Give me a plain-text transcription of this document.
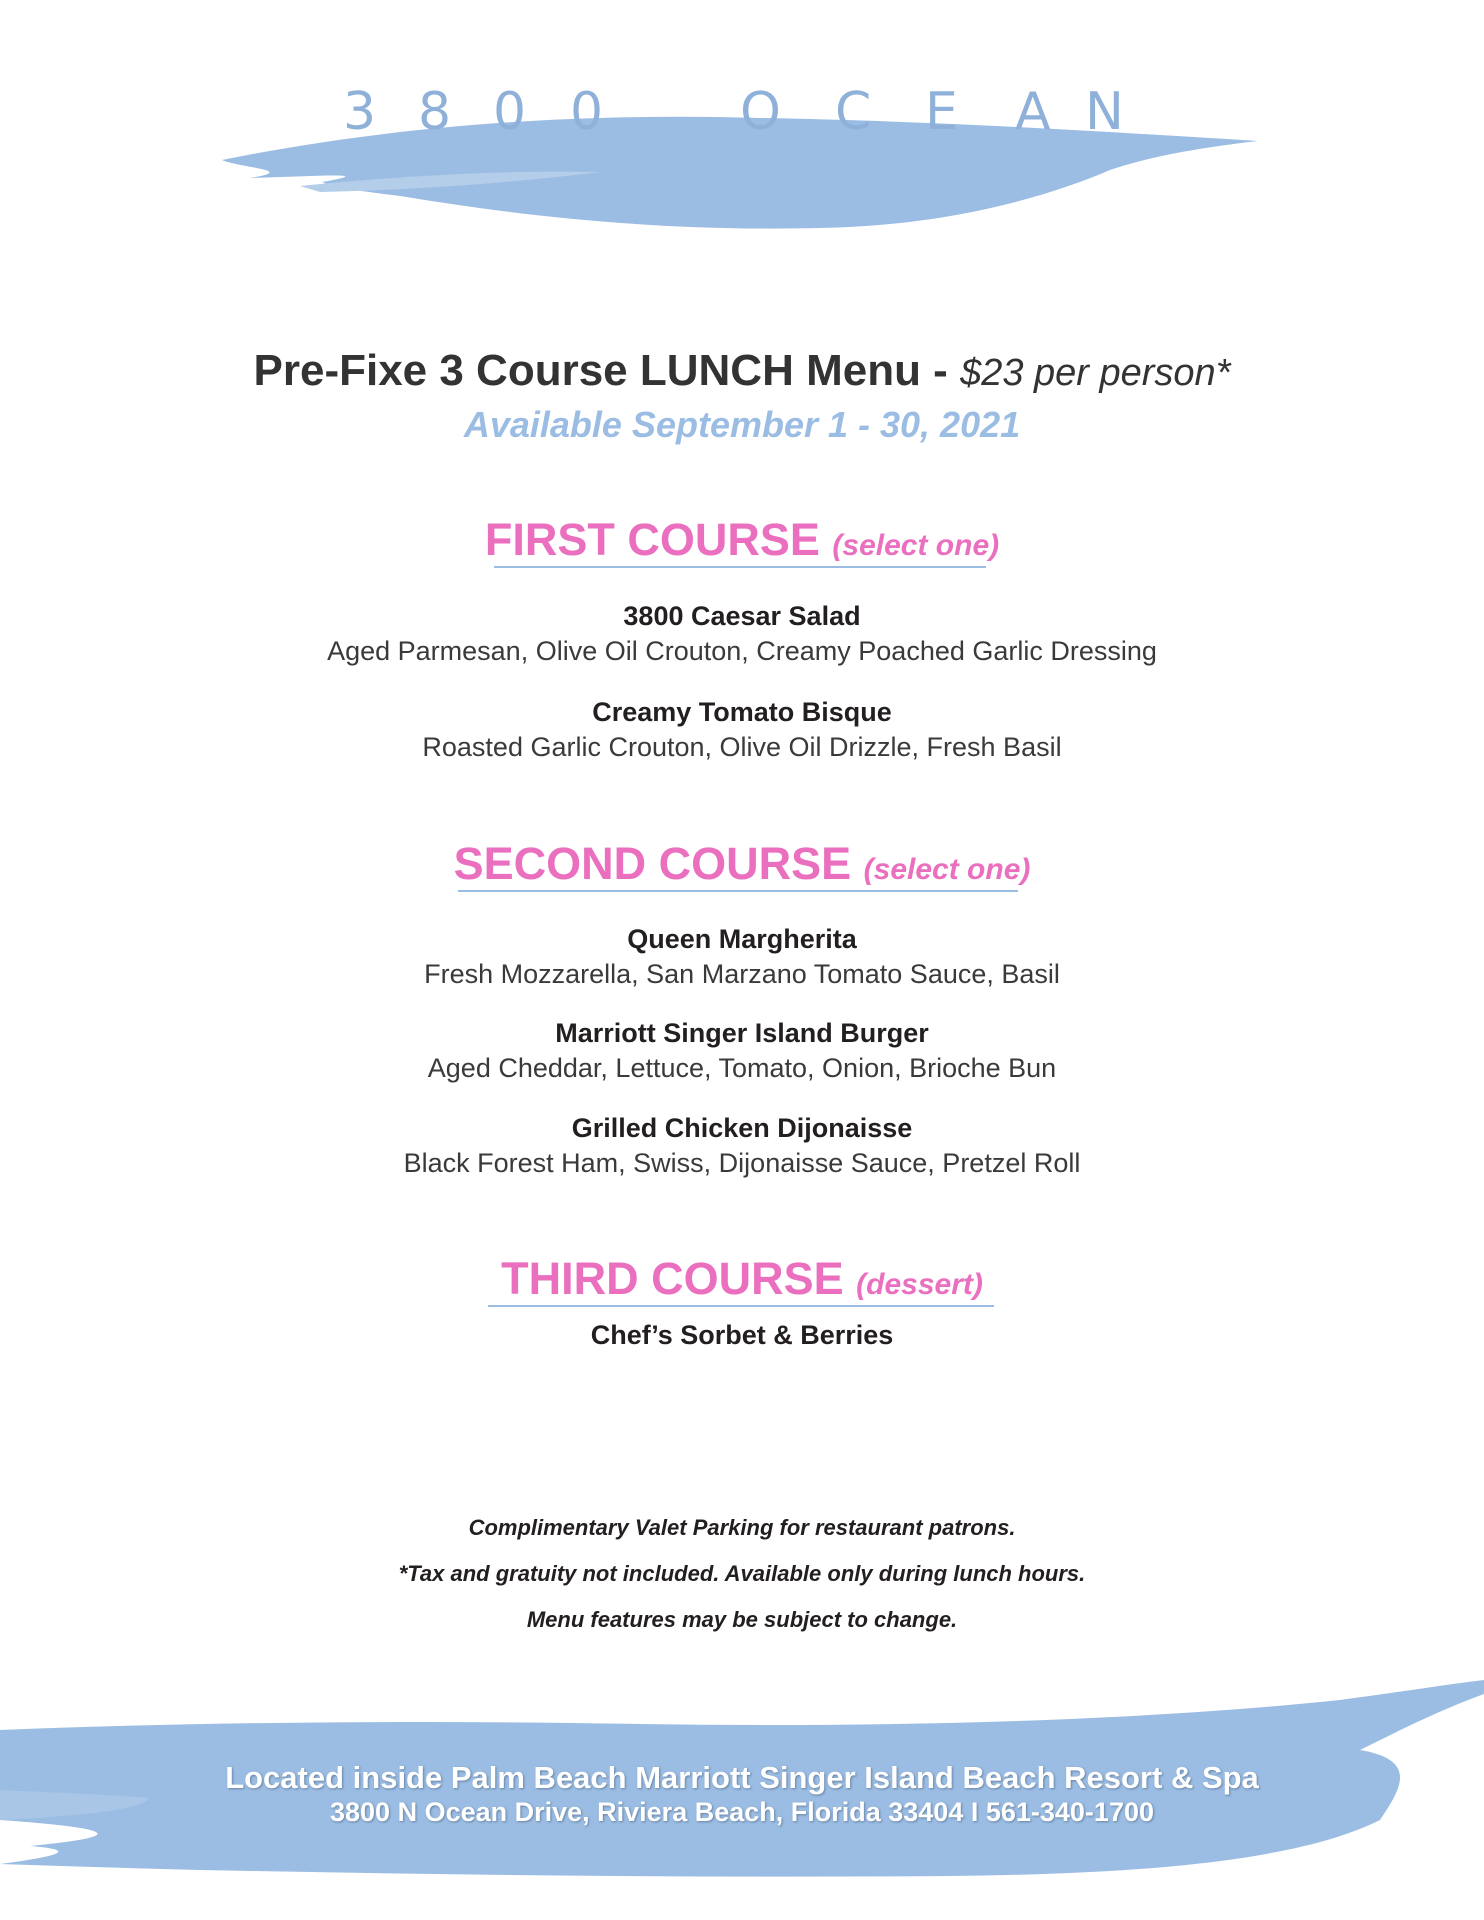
3 8 0 0	O C E A N
Pre-Fixe 3 Course LUNCH Menu - $23 per person*
Available September 1 - 30, 2021
FIRST COURSE (select one)
3800 Caesar Salad
Aged Parmesan, Olive Oil Crouton, Creamy Poached Garlic Dressing
Creamy Tomato Bisque
Roasted Garlic Crouton, Olive Oil Drizzle, Fresh Basil
SECOND COURSE (select one)
Queen Margherita
Fresh Mozzarella, San Marzano Tomato Sauce, Basil
Marriott Singer Island Burger
Aged Cheddar, Lettuce, Tomato, Onion, Brioche Bun
Grilled Chicken Dijonaisse
Black Forest Ham, Swiss, Dijonaisse Sauce, Pretzel Roll
THIRD COURSE (dessert)
Chef’s Sorbet & Berries
Complimentary Valet Parking for restaurant patrons.
*Tax and gratuity not included. Available only during lunch hours.
Menu features may be subject to change.
Located inside Palm Beach Marriott Singer Island Beach Resort & Spa
3800 N Ocean Drive, Riviera Beach, Florida 33404 I 561-340-1700
